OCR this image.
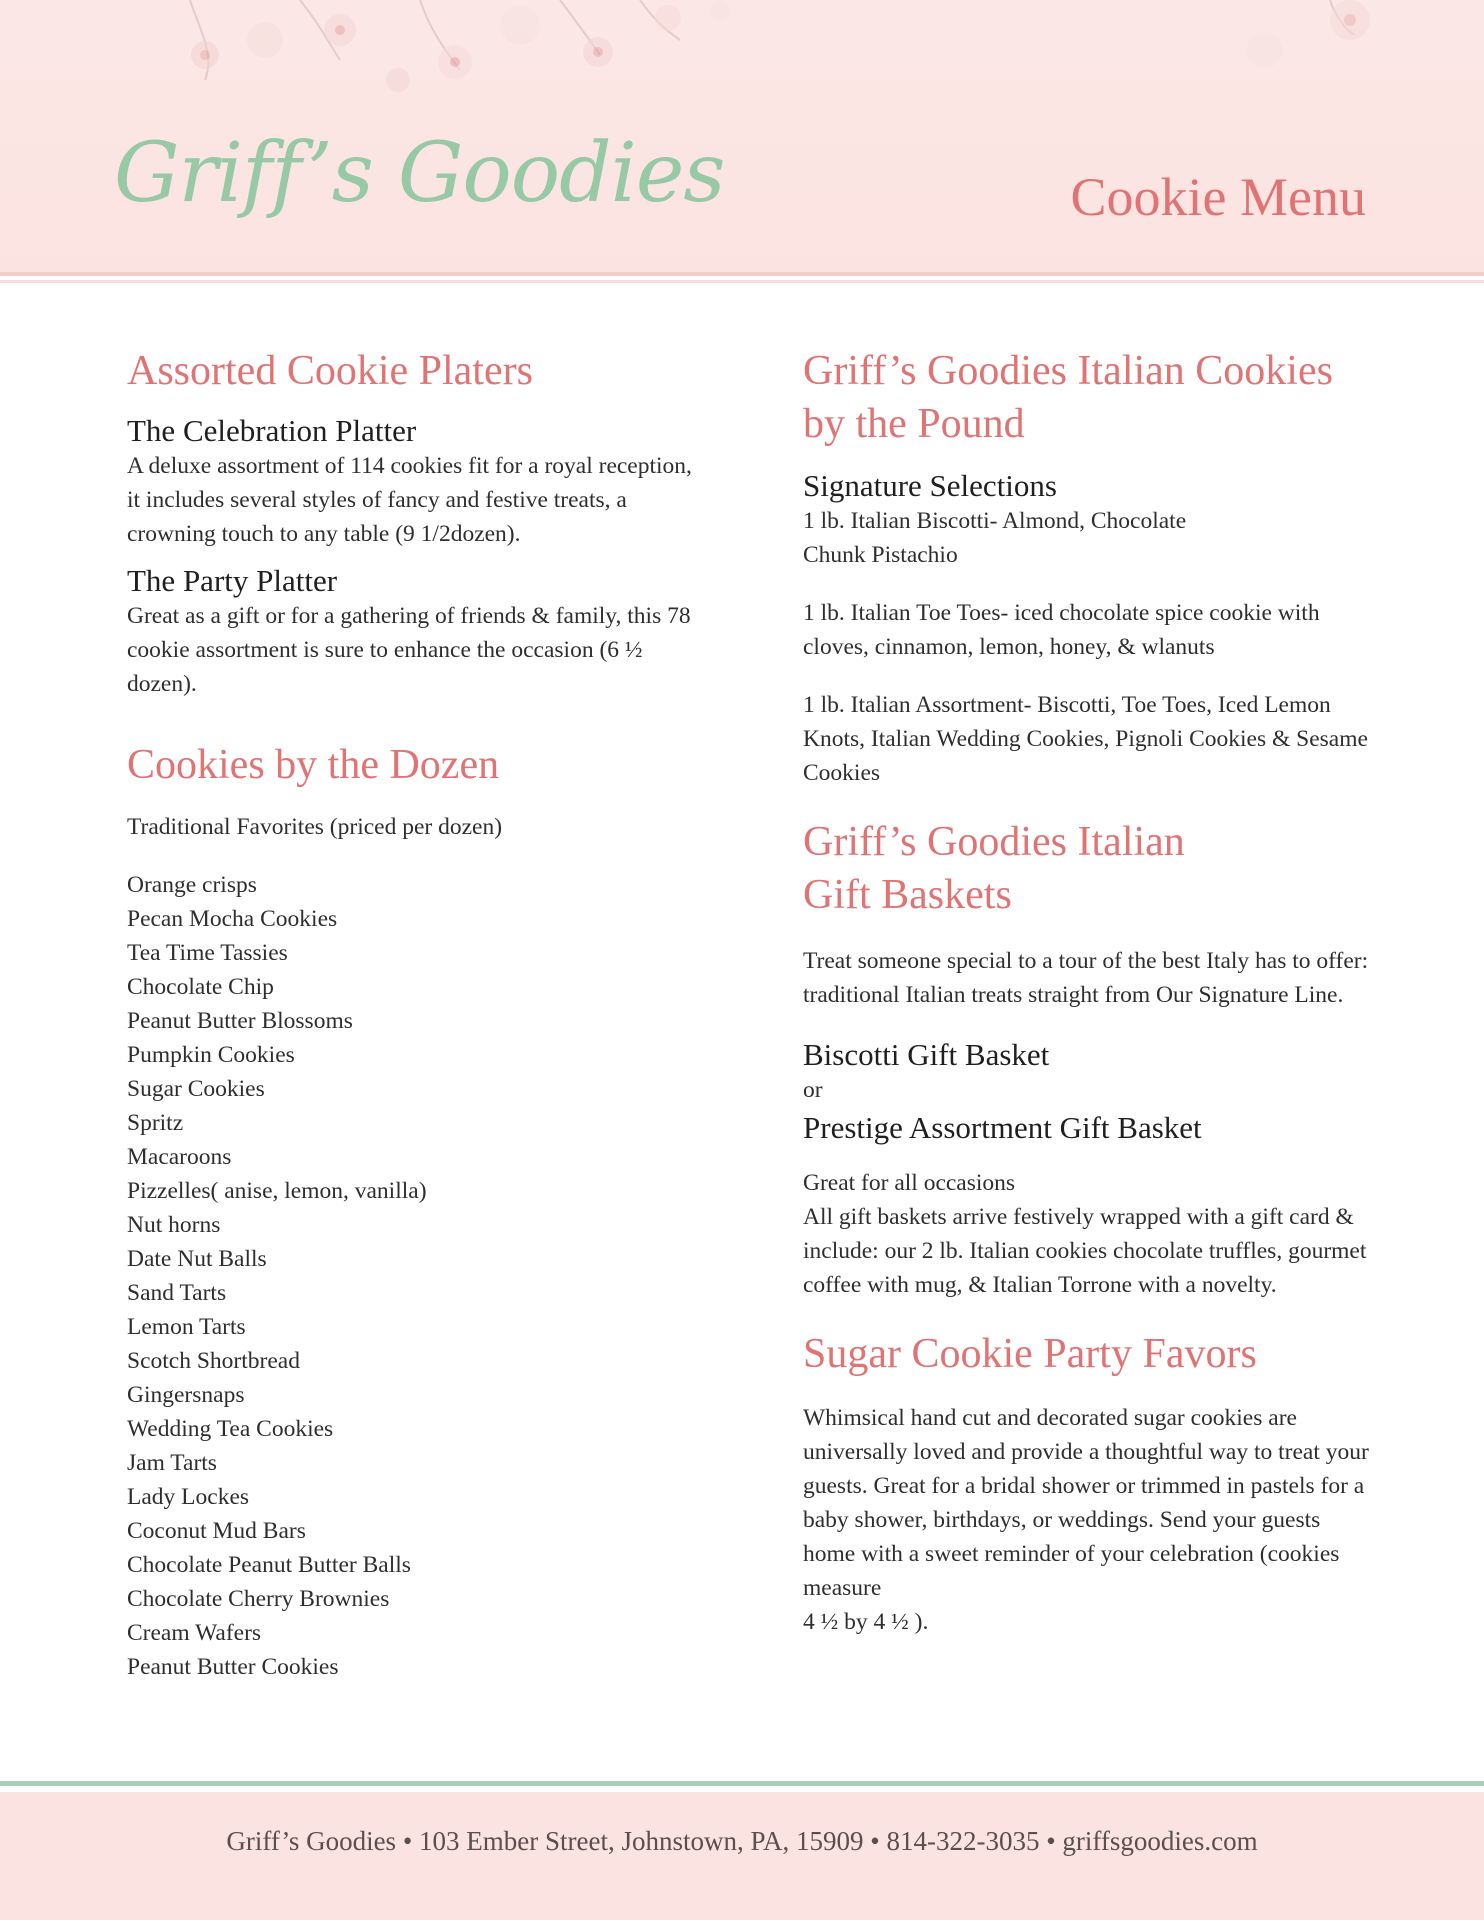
Griff’s Goodies	Cookie Menu
Assorted Cookie Platers
The Celebration Platter

A deluxe assortment of 114 cookies fit for a royal reception, it includes several styles of fancy and festive treats, a crowning touch to any table (9 1/2dozen).

The Party Platter

Great as a gift or for a gathering of friends & family, this 78 cookie assortment is sure to enhance the occasion (6 ½ dozen).

Cookies by the Dozen

Traditional Favorites (priced per dozen)

Orange crisps
Pecan Mocha Cookies
Tea Time Tassies
Chocolate Chip
Peanut Butter Blossoms
Pumpkin Cookies
Sugar Cookies
Spritz
Macaroons
Pizzelles( anise, lemon, vanilla)
Nut horns
Date Nut Balls
Sand Tarts
Lemon Tarts
Scotch Shortbread
Gingersnaps
Wedding Tea Cookies
Jam Tarts
Lady Lockes
Coconut Mud Bars
Chocolate Peanut Butter Balls
Chocolate Cherry Brownies
Cream Wafers
Peanut Butter Cookies
Griff’s Goodies Italian Cookies
by the Pound
Signature Selections

1 lb. Italian Biscotti- Almond, Chocolate

Chunk Pistachio

1 lb. Italian Toe Toes- iced chocolate spice cookie with cloves, cinnamon, lemon, honey, & wlanuts

1 lb. Italian Assortment- Biscotti, Toe Toes, Iced Lemon Knots, Italian Wedding Cookies, Pignoli Cookies & Sesame Cookies

Griff’s Goodies Italian
Gift Baskets

Treat someone special to a tour of the best Italy has to offer: traditional Italian treats straight from Our Signature Line.

Biscotti Gift Basket

or

Prestige Assortment Gift Basket

Great for all occasions

All gift baskets arrive festively wrapped with a gift card & include: our 2 lb. Italian cookies chocolate truffles, gourmet coffee with mug, & Italian Torrone with a novelty.

Sugar Cookie Party Favors

Whimsical hand cut and decorated sugar cookies are universally loved and provide a thoughtful way to treat your guests. Great for a bridal shower or trimmed in pastels for a baby shower, birthdays, or weddings. Send your guests home with a sweet reminder of your celebration (cookies measure

4 ½ by 4 ½ ).

Griff’s Goodies • 103 Ember Street, Johnstown, PA, 15909 • 814-322-3035 • griffsgoodies.com
